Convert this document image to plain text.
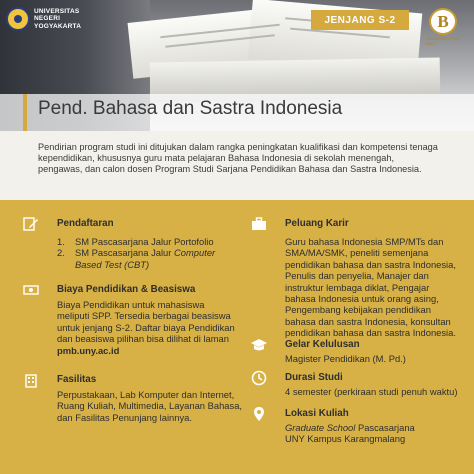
UNIVERSITAS
NEGERI
YOGYAKARTA
JENJANG S-2	B
TERAKREDITASI BAIK
Pend. Bahasa dan Sastra Indonesia
Pendirian program studi ini ditujukan dalam rangka peningkatan kualifikasi dan kompetensi tenaga kependidikan, khususnya guru mata pelajaran Bahasa Indonesia di sekolah menengah, pengawas, dan calon dosen Program Studi Sarjana Pendidikan Bahasa dan Sastra Indonesia.
Pendaftaran
1.	SM Pascasarjana Jalur Portofolio
2.	SM Pascasarjana Jalur Computer Based Test (CBT)
Biaya Pendidikan & Beasiswa
Biaya Pendidikan untuk mahasiswa meliputi SPP. Tersedia berbagai beasiswa untuk jenjang S-2. Daftar biaya Pendidikan dan beasiswa pilihan bisa dilihat di laman
pmb.uny.ac.id
Fasilitas
Perpustakaan, Lab Komputer dan Internet, Ruang Kuliah, Multimedia, Layanan Bahasa, dan Fasilitas Penunjang lainnya.
Peluang Karir
Guru bahasa Indonesia SMP/MTs dan SMA/MA/SMK, peneliti semenjana pendidikan bahasa dan sastra Indonesia, Penulis dan penyelia, Manajer dan instruktur lembaga diklat, Pengajar bahasa Indonesia untuk orang asing, Pengembang kebijakan pendidikan bahasa dan sastra Indonesia, konsultan pendidikan bahasa dan sastra Indonesia.
Gelar Kelulusan
Magister Pendidikan (M. Pd.)
Durasi Studi
4 semester (perkiraan studi penuh waktu)
Lokasi Kuliah
Graduate School Pascasarjana
UNY Kampus Karangmalang
